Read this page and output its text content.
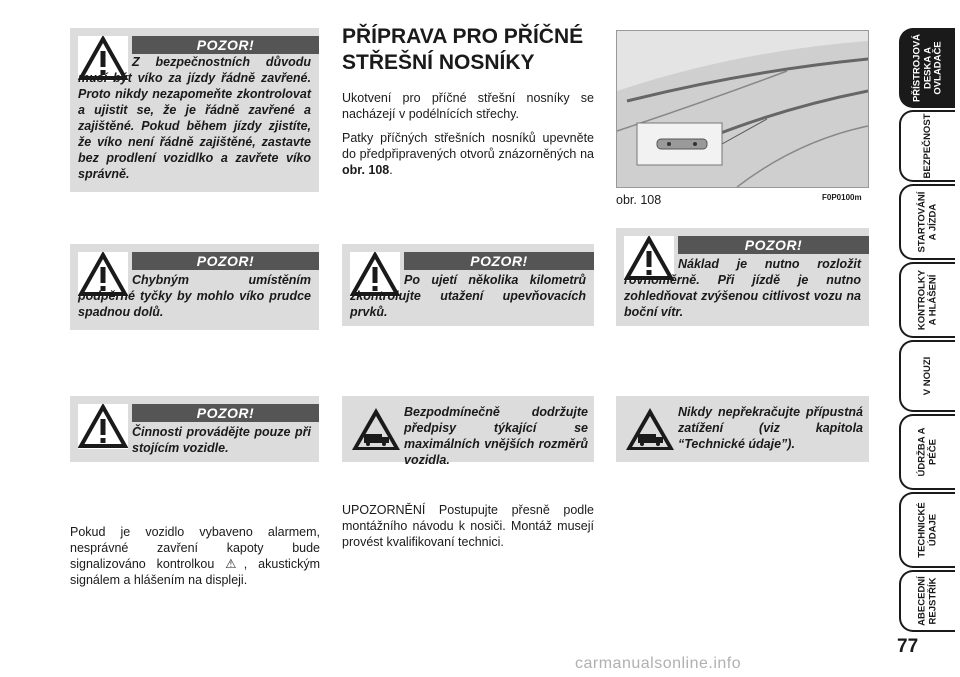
POZOR!
Z bezpečnostních důvodu musí být víko za jízdy řádně zavřené. Proto nikdy nezapomeňte zkontrolovat a ujistit se, že je řádně zavřené a zajištěné. Pokud během jízdy zjistíte, že víko není řádně zajištěné, zastavte bez prodlení vozidlko a zavřete víko správně.
POZOR!
Chybným umístěním podpěrné tyčky by mohlo víko prudce spadnou dolů.
POZOR!
Činnosti provádějte pouze při stojícím vozidle.
Pokud je vozidlo vybaveno alarmem, nesprávné zavření kapoty bude signalizováno kontrolkou ⚠, akustickým signálem a hlášením na displeji.
PŘÍPRAVA PRO PŘÍČNÉ STŘEŠNÍ NOSNÍKY
Ukotvení pro příčné střešní nosníky se nacházejí v podélnících střechy.
Patky příčných střešních nosníků upevněte do předpřipravených otvorů znázorněných na obr. 108.
POZOR!
Po ujetí několika kilometrů zkontrolujte utažení upevňovacích prvků.
Bezpodmínečně dodržujte předpisy týkající se maximálních vnějších rozměrů vozidla.
UPOZORNĚNÍ Postupujte přesně podle montážního návodu k nosiči. Montáž musejí provést kvalifikovaní technici.
obr. 108	F0P0100m
POZOR!
Náklad je nutno rozložit rovnoměrně. Při jízdě je nutno zohledňovat zvýšenou citlivost vozu na boční vítr.
Nikdy nepřekračujte přípustná zatížení (viz kapitola “Technické údaje”).
PŘÍSTROJOVÁ
DESKA A
OVLADAČE
BEZPEČNOST
STARTOVÁNÍ
A JÍZDA
KONTROLKY
A HLÁŠENÍ
V NOUZI
ÚDRŽBA A
PÉČE
TECHNICKÉ
ÚDAJE
ABECEDNÍ
REJSTŘÍK
77
carmanualsonline.info
